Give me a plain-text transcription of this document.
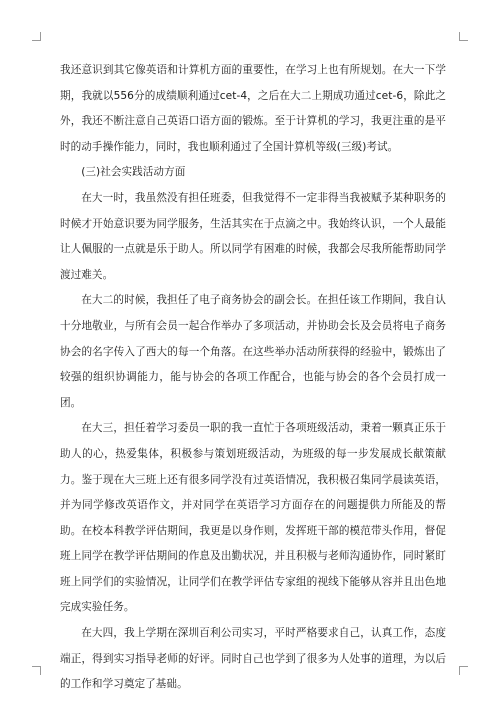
我还意识到其它像英语和计算机方面的重要性，在学习上也有所规划。在大一下学期，我就以556分的成绩顺利通过cet-4，之后在大二上期成功通过cet-6，除此之外，我还不断注意自己英语口语方面的锻炼。至于计算机的学习，我更注重的是平时的动手操作能力，同时，我也顺利通过了全国计算机等级(三级)考试。

(三)社会实践活动方面

在大一时，我虽然没有担任班委，但我觉得不一定非得当我被赋予某种职务的时候才开始意识要为同学服务，生活其实在于点滴之中。我始终认识，一个人最能让人佩服的一点就是乐于助人。所以同学有困难的时候，我都会尽我所能帮助同学渡过难关。

在大二的时候，我担任了电子商务协会的副会长。在担任该工作期间，我自认十分地敬业，与所有会员一起合作举办了多项活动，并协助会长及会员将电子商务协会的名字传入了西大的每一个角落。在这些举办活动所获得的经验中，锻炼出了较强的组织协调能力，能与协会的各项工作配合，也能与协会的各个会员打成一团。

在大三，担任着学习委员一职的我一直忙于各项班级活动，秉着一颗真正乐于助人的心，热爱集体，积极参与策划班级活动，为班级的每一步发展成长献策献力。鉴于现在大三班上还有很多同学没有过英语情况，我积极召集同学晨读英语，并为同学修改英语作文，并对同学在英语学习方面存在的问题提供力所能及的帮助。在校本科教学评估期间，我更是以身作则，发挥班干部的模范带头作用，督促班上同学在教学评估期间的作息及出勤状况，并且积极与老师沟通协作，同时紧盯班上同学们的实验情况，让同学们在教学评估专家组的视线下能够从容并且出色地完成实验任务。

在大四，我上学期在深圳百利公司实习，平时严格要求自己，认真工作，态度端正，得到实习指导老师的好评。同时自己也学到了很多为人处事的道理，为以后的工作和学习奠定了基础。
